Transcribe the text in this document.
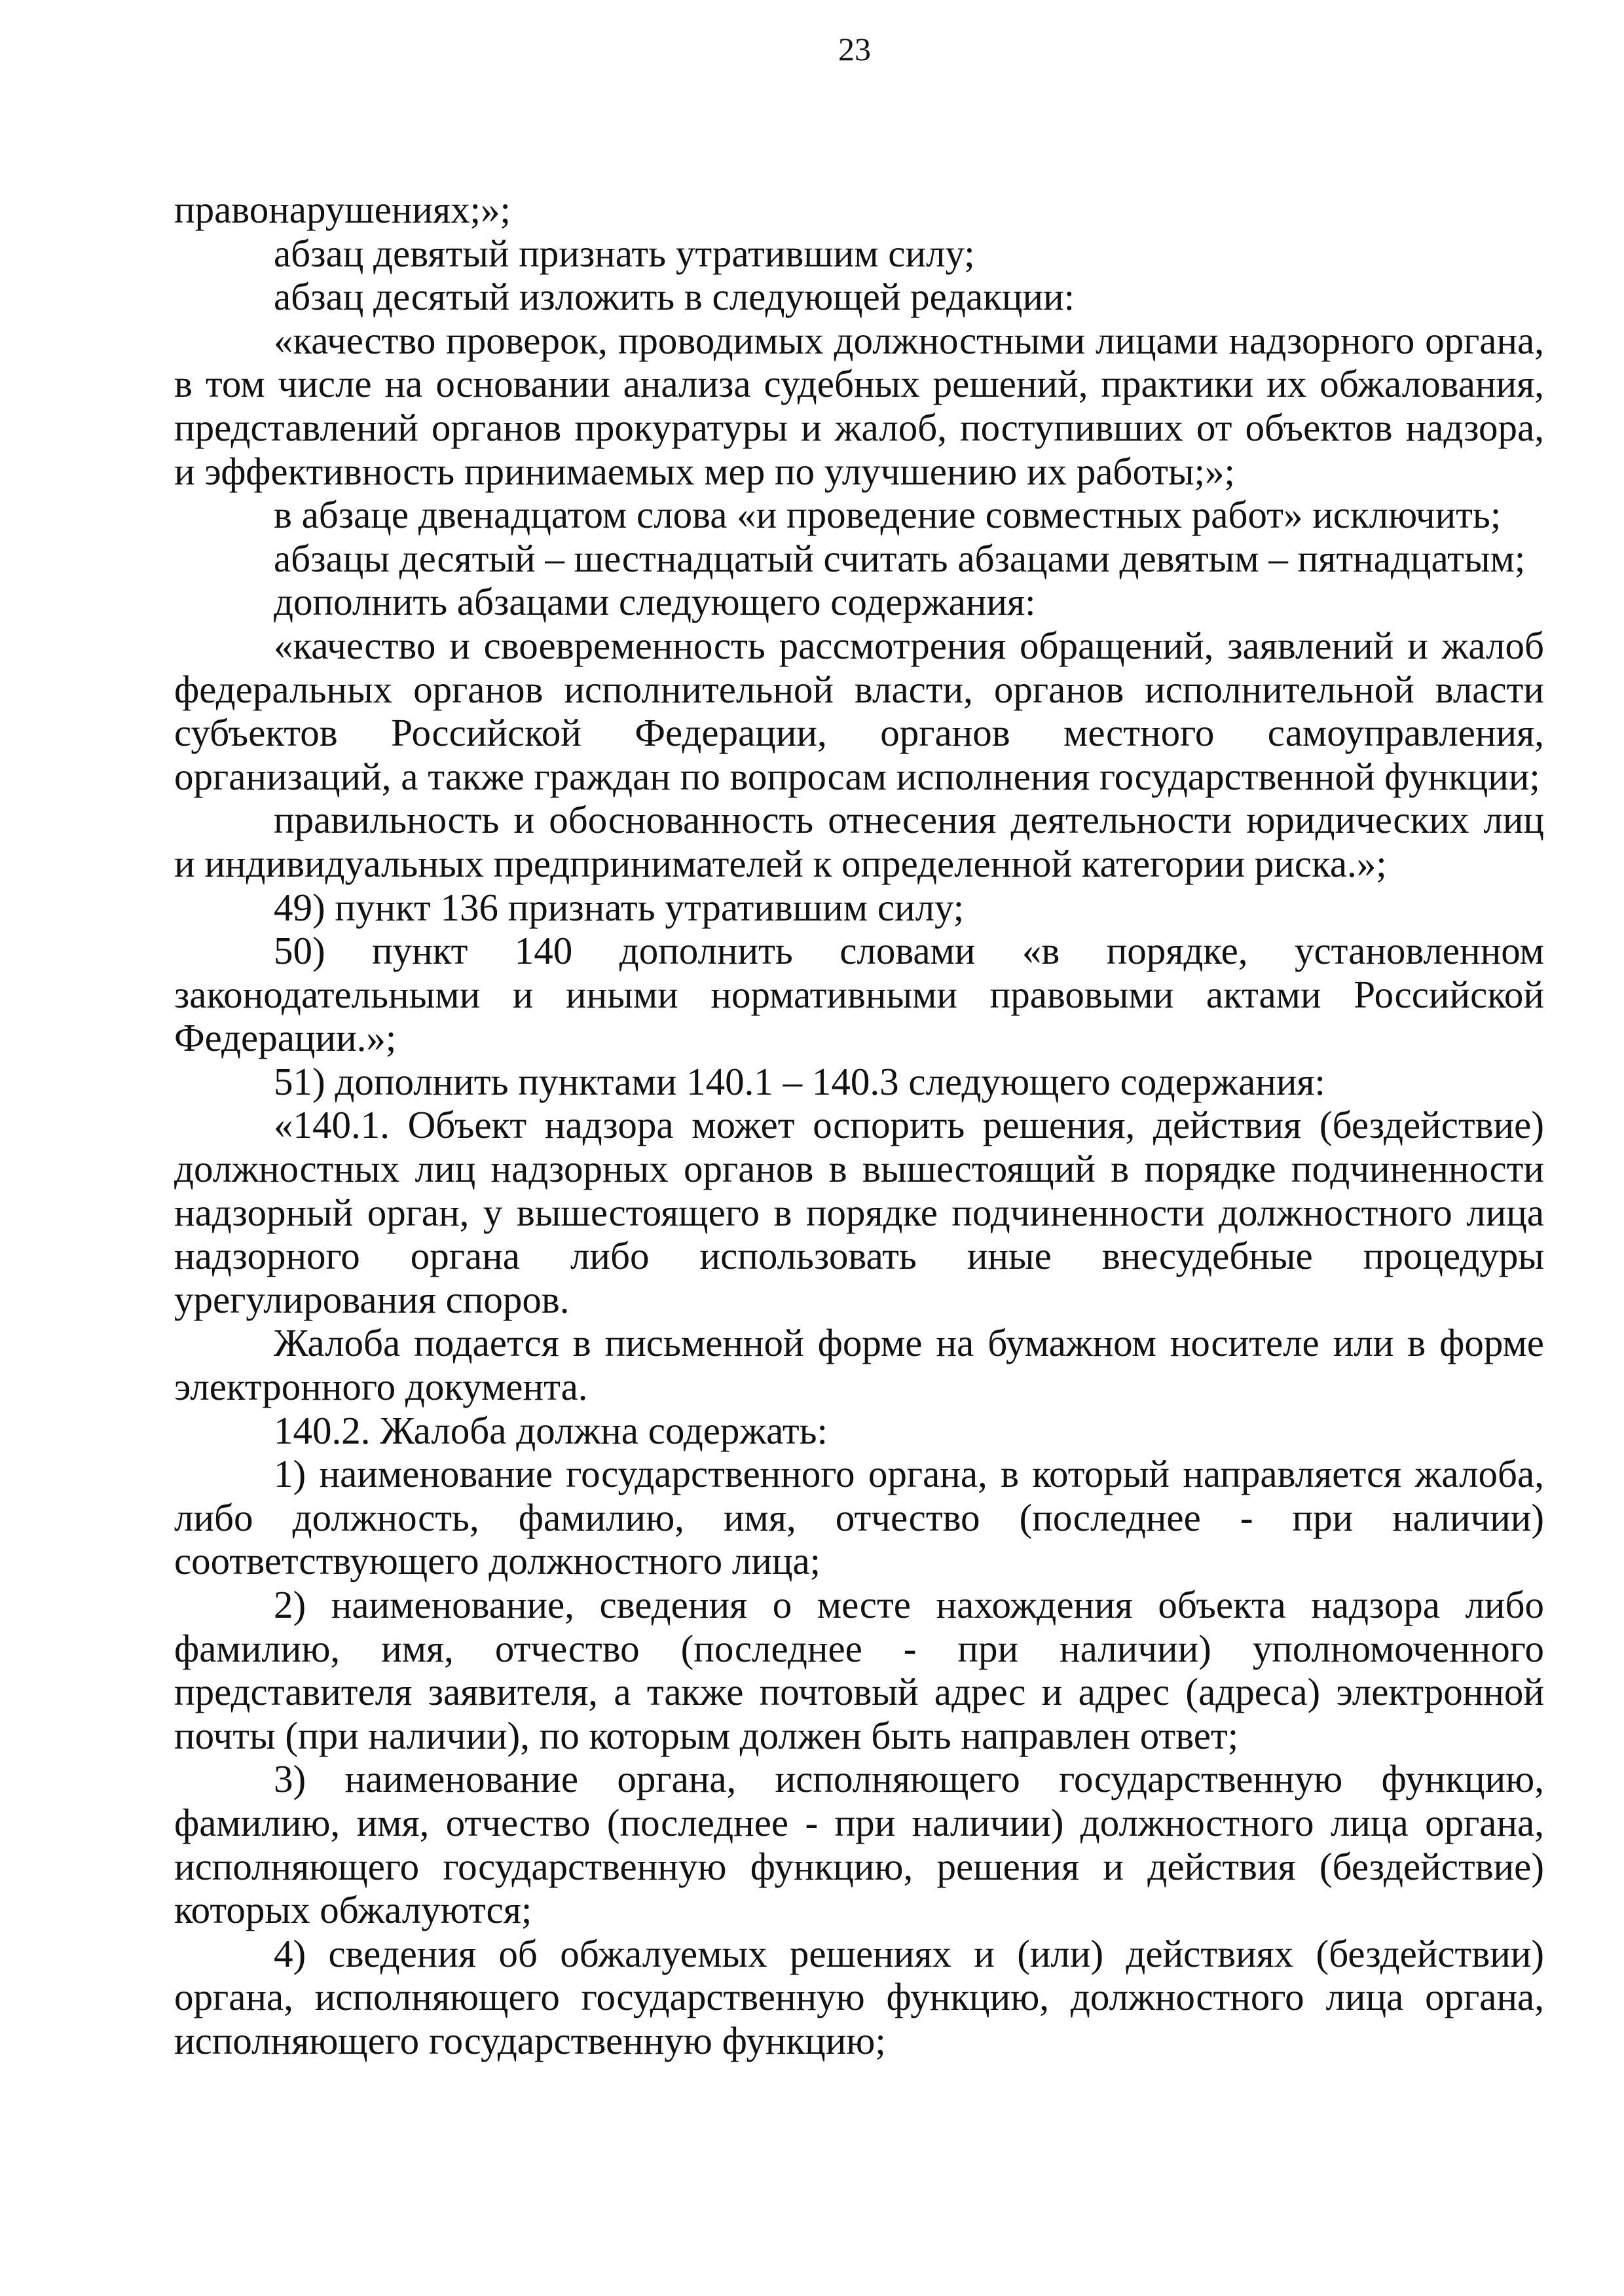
23

правонарушениях;»;

абзац девятый признать утратившим силу;

абзац десятый изложить в следующей редакции:

«качество проверок, проводимых должностными лицами надзорного органа, в том числе на основании анализа судебных решений, практики их обжалования, представлений органов прокуратуры и жалоб, поступивших от объектов надзора, и эффективность принимаемых мер по улучшению их работы;»;

в абзаце двенадцатом слова «и проведение совместных работ» исключить;

абзацы десятый – шестнадцатый считать абзацами девятым – пятнадцатым;

дополнить абзацами следующего содержания:

«качество и своевременность рассмотрения обращений, заявлений и жалоб федеральных органов исполнительной власти, органов исполнительной власти субъектов Российской Федерации, органов местного самоуправления, организаций, а также граждан по вопросам исполнения государственной функции;

правильность и обоснованность отнесения деятельности юридических лиц и индивидуальных предпринимателей к определенной категории риска.»;

49) пункт 136 признать утратившим силу;

50) пункт 140 дополнить словами «в порядке, установленном законодательными и иными нормативными правовыми актами Российской Федерации.»;

51) дополнить пунктами 140.1 – 140.3 следующего содержания:

«140.1. Объект надзора может оспорить решения, действия (бездействие) должностных лиц надзорных органов в вышестоящий в порядке подчиненности надзорный орган, у вышестоящего в порядке подчиненности должностного лица надзорного органа либо использовать иные внесудебные процедуры урегулирования споров.

Жалоба подается в письменной форме на бумажном носителе или в форме электронного документа.

140.2. Жалоба должна содержать:

1) наименование государственного органа, в который направляется жалоба, либо должность, фамилию, имя, отчество (последнее - при наличии) соответствующего должностного лица;

2) наименование, сведения о месте нахождения объекта надзора либо фамилию, имя, отчество (последнее - при наличии) уполномоченного представителя заявителя, а также почтовый адрес и адрес (адреса) электронной почты (при наличии), по которым должен быть направлен ответ;

3) наименование органа, исполняющего государственную функцию, фамилию, имя, отчество (последнее - при наличии) должностного лица органа, исполняющего государственную функцию, решения и действия (бездействие) которых обжалуются;

4) сведения об обжалуемых решениях и (или) действиях (бездействии) органа, исполняющего государственную функцию, должностного лица органа, исполняющего государственную функцию;
